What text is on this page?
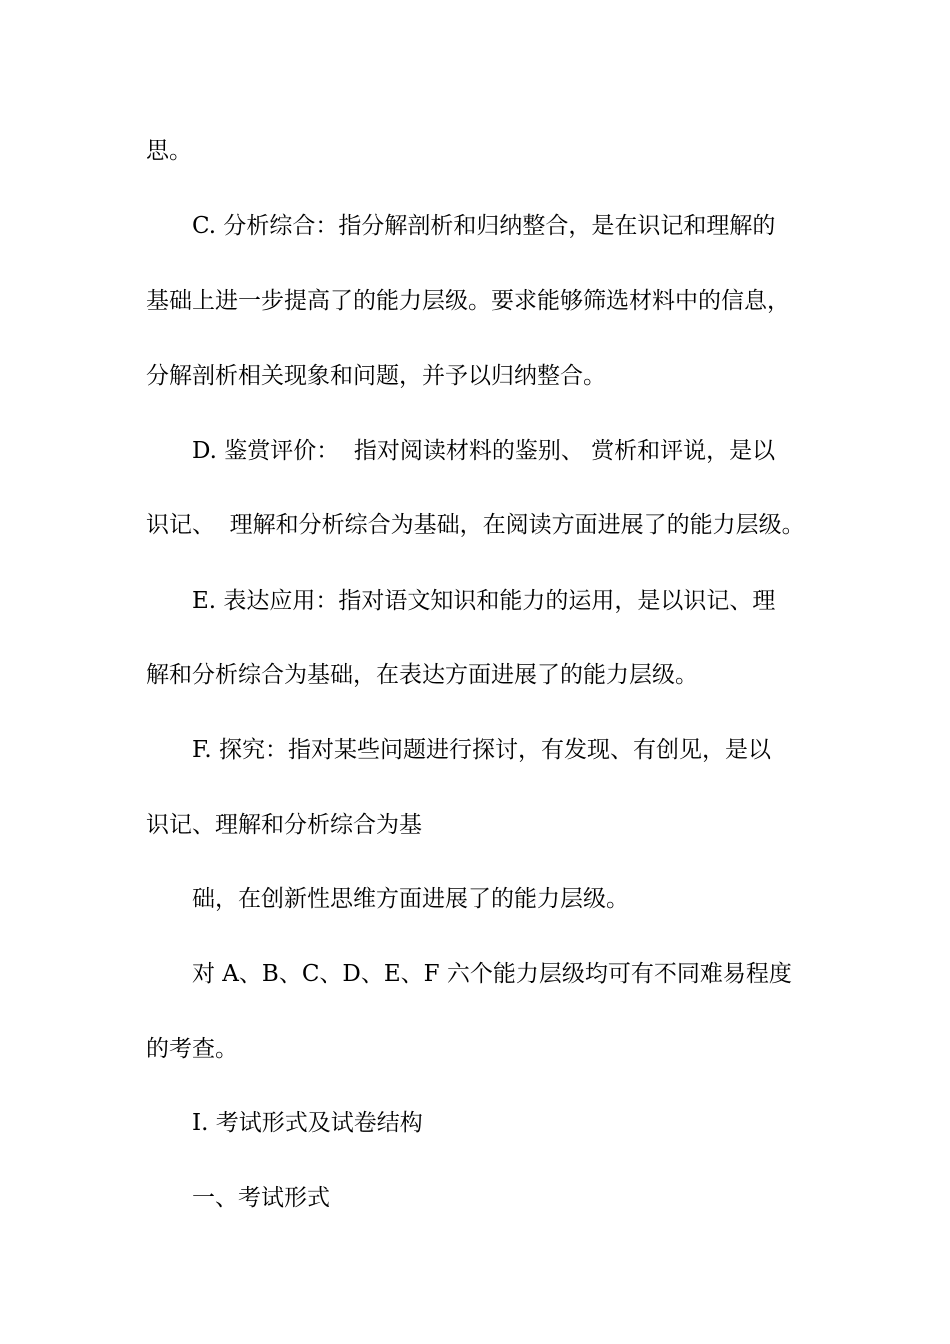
思。

C. 分析综合：指分解剖析和归纳整合，是在识记和理解的

基础上进一步提高了的能力层级。要求能够筛选材料中的信息，

分解剖析相关现象和问题，并予以归纳整合。

D. 鉴赏评价：  指对阅读材料的鉴别、 赏析和评说，是以

识记、  理解和分析综合为基础，在阅读方面进展了的能力层级。

E. 表达应用：指对语文知识和能力的运用，是以识记、理

解和分析综合为基础，在表达方面进展了的能力层级。

F. 探究：指对某些问题进行探讨，有发现、有创见，是以

识记、理解和分析综合为基

础，在创新性思维方面进展了的能力层级。

对 A、B、C、D、E、F 六个能力层级均可有不同难易程度

的考查。

Ⅰ. 考试形式及试卷结构

一、考试形式
